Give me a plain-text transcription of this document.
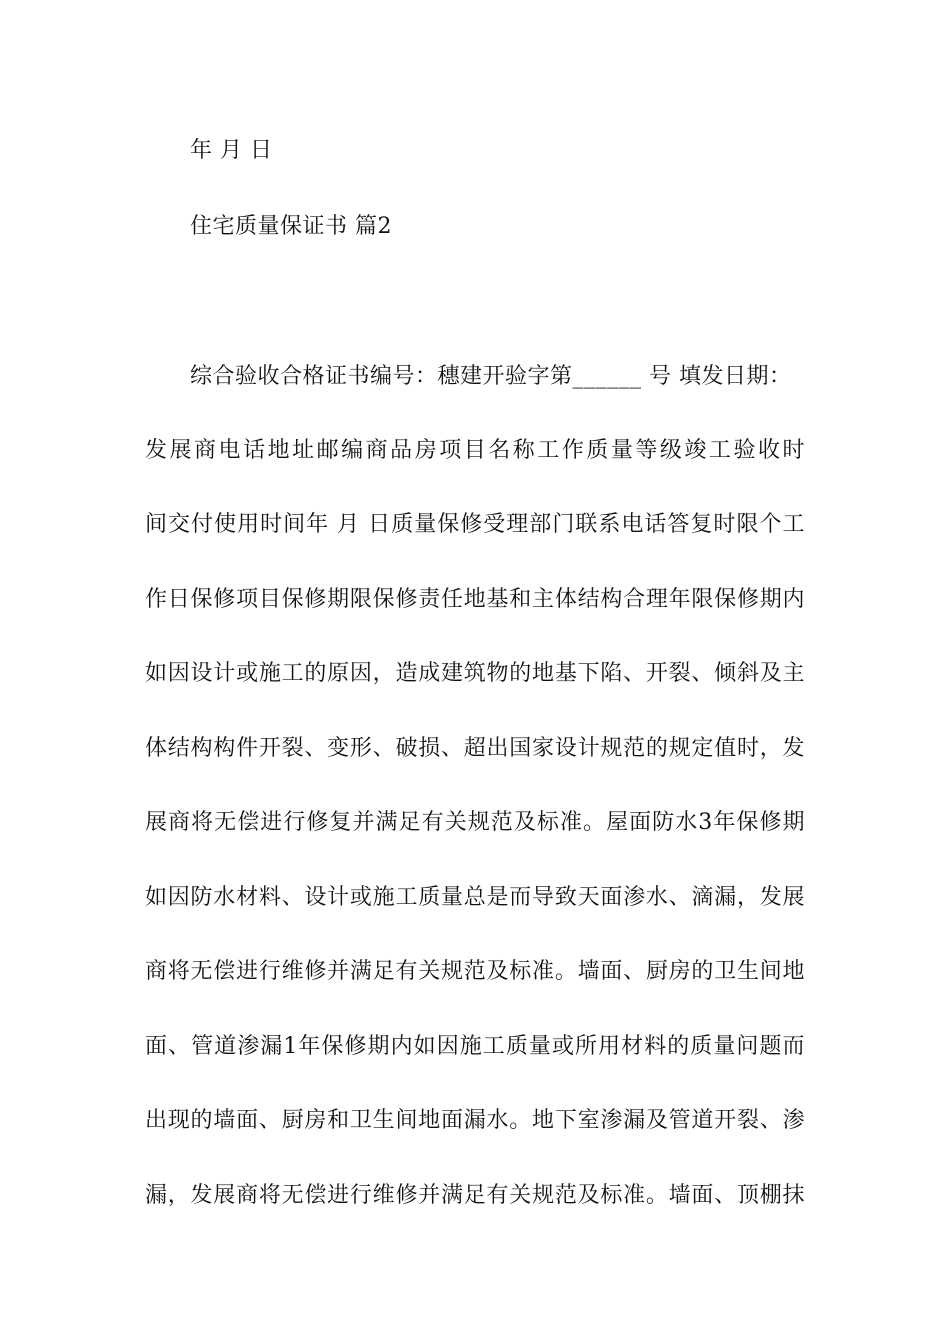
年 月 日
住宅质量保证书 篇2
综合验收合格证书编号：穗建开验字第______ 号 填发日期：
发展商电话地址邮编商品房项目名称工作质量等级竣工验收时
间交付使用时间年 月 日质量保修受理部门联系电话答复时限个工
作日保修项目保修期限保修责任地基和主体结构合理年限保修期内
如因设计或施工的原因，造成建筑物的地基下陷、开裂、倾斜及主
体结构构件开裂、变形、破损、超出国家设计规范的规定值时，发
展商将无偿进行修复并满足有关规范及标准。屋面防水3年保修期
如因防水材料、设计或施工质量总是而导致天面渗水、滴漏，发展
商将无偿进行维修并满足有关规范及标准。墙面、厨房的卫生间地
面、管道渗漏1年保修期内如因施工质量或所用材料的质量问题而
出现的墙面、厨房和卫生间地面漏水。地下室渗漏及管道开裂、渗
漏，发展商将无偿进行维修并满足有关规范及标准。墙面、顶棚抹
